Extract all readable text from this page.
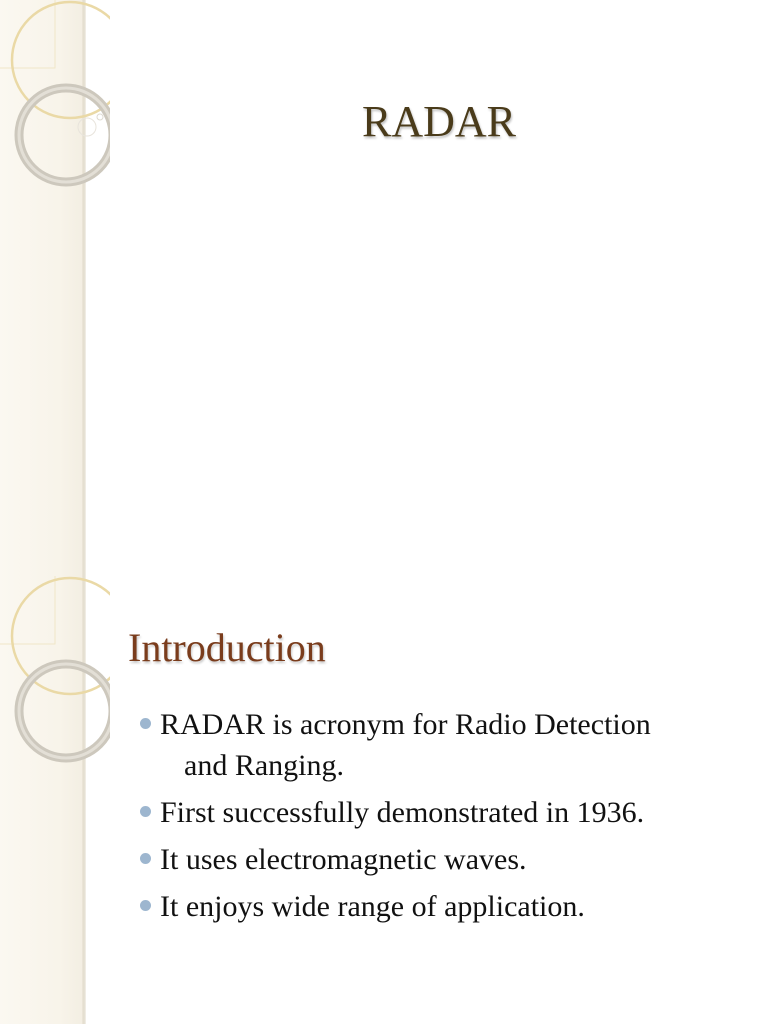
RADAR
Introduction
RADAR is acronym for Radio Detection
and Ranging.
First successfully demonstrated in 1936.
It uses electromagnetic waves.
It enjoys wide range of application.
